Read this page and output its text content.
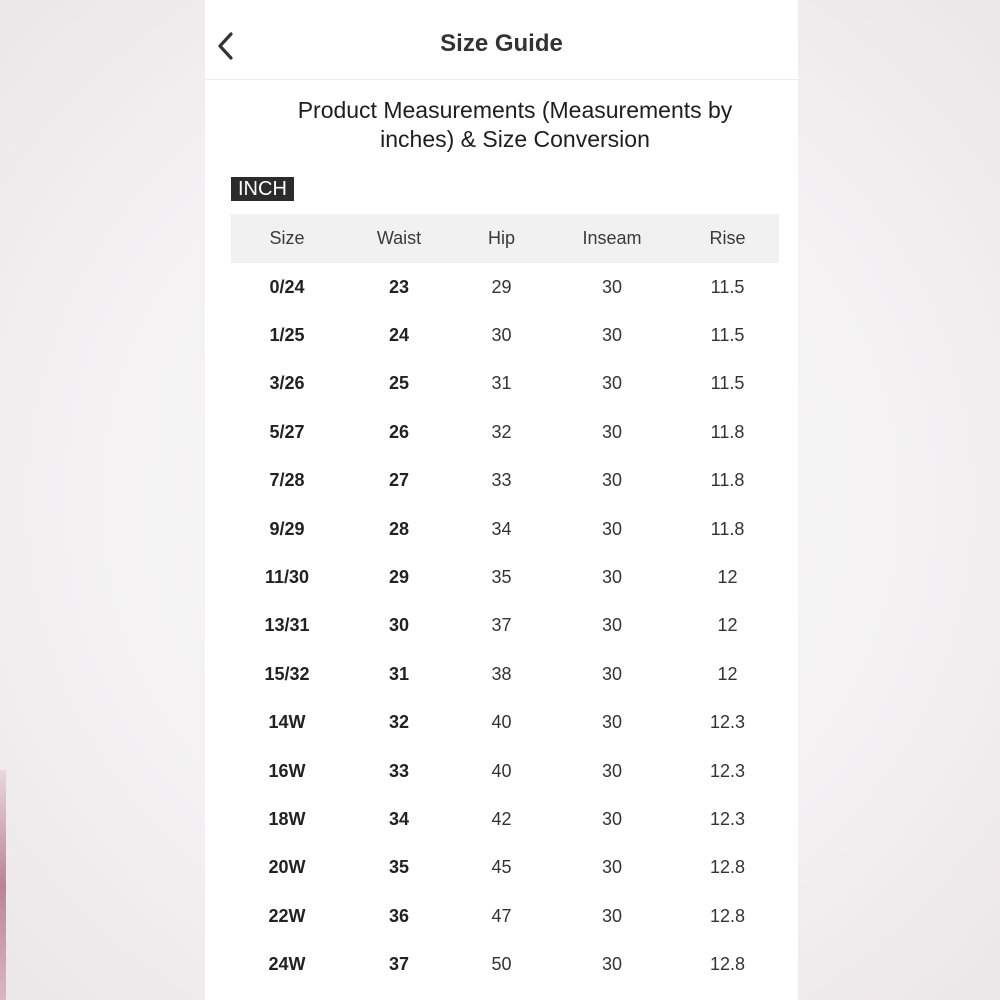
Size Guide
Product Measurements (Measurements by inches) & Size Conversion
INCH
Size	Waist	Hip	Inseam	Rise
0/24	23	29	30	11.5
1/25	24	30	30	11.5
3/26	25	31	30	11.5
5/27	26	32	30	11.8
7/28	27	33	30	11.8
9/29	28	34	30	11.8
11/30	29	35	30	12
13/31	30	37	30	12
15/32	31	38	30	12
14W	32	40	30	12.3
16W	33	40	30	12.3
18W	34	42	30	12.3
20W	35	45	30	12.8
22W	36	47	30	12.8
24W	37	50	30	12.8
